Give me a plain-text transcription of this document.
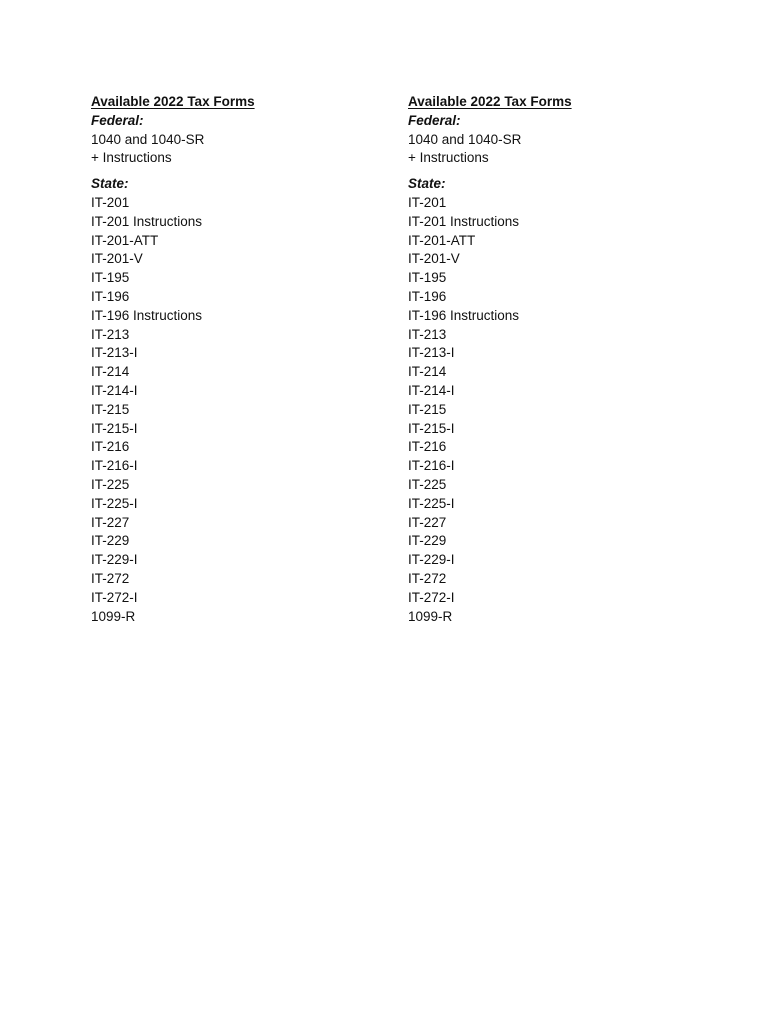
Available 2022 Tax Forms
Federal:
1040 and 1040-SR
+ Instructions
State:
IT-201
IT-201 Instructions
IT-201-ATT
IT-201-V
IT-195
IT-196
IT-196 Instructions
IT-213
IT-213-I
IT-214
IT-214-I
IT-215
IT-215-I
IT-216
IT-216-I
IT-225
IT-225-I
IT-227
IT-229
IT-229-I
IT-272
IT-272-I
1099-R
Available 2022 Tax Forms
Federal:
1040 and 1040-SR
+ Instructions
State:
IT-201
IT-201 Instructions
IT-201-ATT
IT-201-V
IT-195
IT-196
IT-196 Instructions
IT-213
IT-213-I
IT-214
IT-214-I
IT-215
IT-215-I
IT-216
IT-216-I
IT-225
IT-225-I
IT-227
IT-229
IT-229-I
IT-272
IT-272-I
1099-R
